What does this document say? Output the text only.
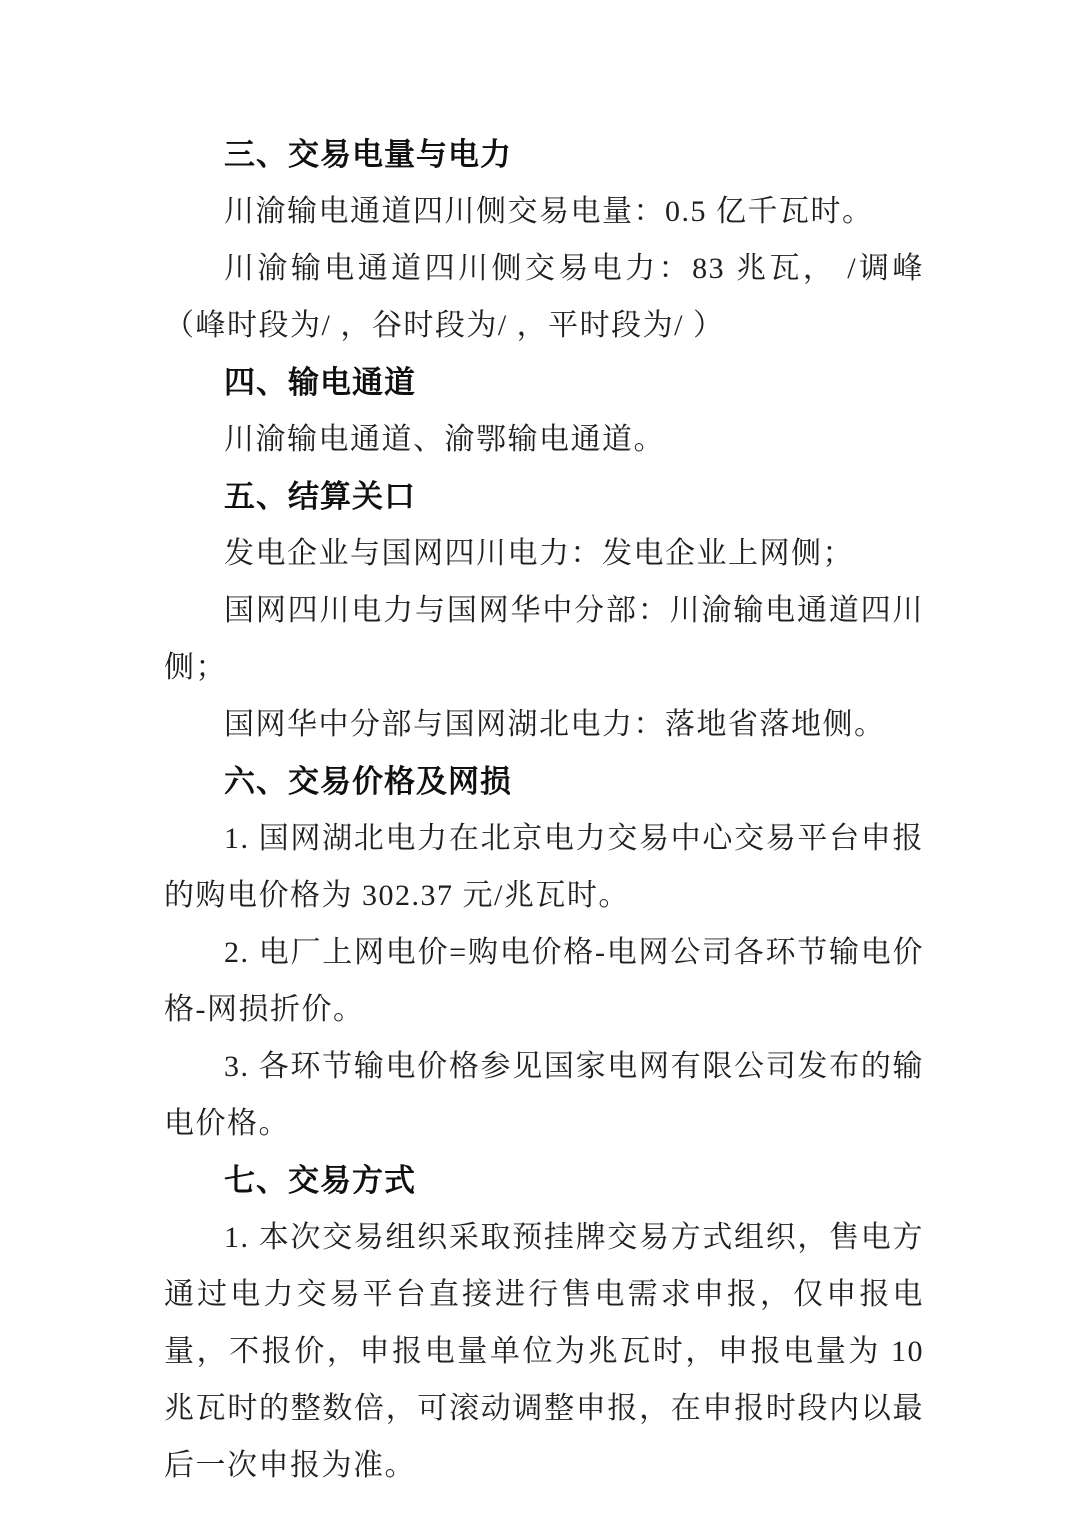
三、交易电量与电力

川渝输电通道四川侧交易电量：0.5 亿千瓦时。

川渝输电通道四川侧交易电力：83 兆瓦， /调峰（峰时段为/ ，谷时段为/ ，平时段为/ ）

四、输电通道

川渝输电通道、渝鄂输电通道。

五、结算关口

发电企业与国网四川电力：发电企业上网侧；

国网四川电力与国网华中分部：川渝输电通道四川侧；

国网华中分部与国网湖北电力：落地省落地侧。

六、交易价格及网损

1. 国网湖北电力在北京电力交易中心交易平台申报的购电价格为 302.37 元/兆瓦时。

2. 电厂上网电价=购电价格-电网公司各环节输电价格-网损折价。

3. 各环节输电价格参见国家电网有限公司发布的输电价格。

七、交易方式

1. 本次交易组织采取预挂牌交易方式组织，售电方通过电力交易平台直接进行售电需求申报，仅申报电量，不报价，申报电量单位为兆瓦时，申报电量为 10 兆瓦时的整数倍，可滚动调整申报，在申报时段内以最后一次申报为准。
